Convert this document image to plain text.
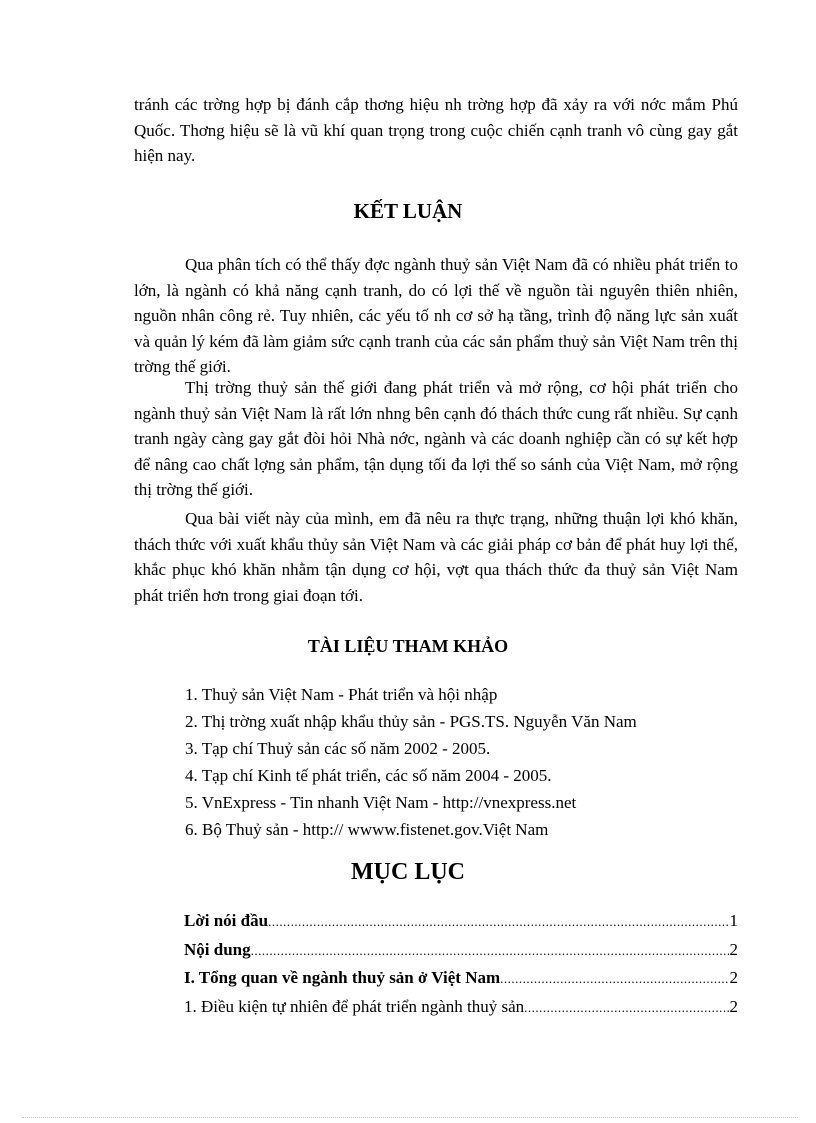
tránh các trờng hợp bị đánh cắp thơng hiệu nh trờng hợp đã xảy ra với nớc mắm Phú Quốc. Thơng hiệu sẽ là vũ khí quan trọng trong cuộc chiến cạnh tranh vô cùng gay gắt hiện nay.

KẾT LUẬN

Qua phân tích có thể thấy đợc ngành thuỷ sản Việt Nam đã có nhiều phát triển to lớn, là ngành có khả năng cạnh tranh, do có lợi thế về nguồn tài nguyên thiên nhiên, nguồn nhân công rẻ. Tuy nhiên, các yếu tố nh cơ sở hạ tầng, trình độ năng lực sản xuất và quản lý kém đã làm giảm sức cạnh tranh của các sản phẩm thuỷ sản Việt Nam trên thị trờng thế giới.

Thị trờng thuỷ sản thế giới đang phát triển và mở rộng, cơ hội phát triển cho ngành thuỷ sản Việt Nam là rất lớn nhng bên cạnh đó thách thức cung rất nhiều. Sự cạnh tranh ngày càng gay gắt đòi hỏi Nhà nớc, ngành và các doanh nghiệp cần có sự kết hợp để nâng cao chất lợng sản phẩm, tận dụng tối đa lợi thế so sánh của Việt Nam, mở rộng thị trờng thế giới.

Qua bài viết này của mình, em đã nêu ra thực trạng, những thuận lợi khó khăn, thách thức với xuất khẩu thủy sản Việt Nam và các giải pháp cơ bản để phát huy lợi thế, khắc phục khó khăn nhằm tận dụng cơ hội, vợt qua thách thức đa thuỷ sản Việt Nam phát triển hơn trong giai đoạn tới.

TÀI LIỆU THAM KHẢO
1. Thuỷ sản Việt Nam - Phát triển và hội nhập
2. Thị trờng xuất nhập khẩu thủy sản - PGS.TS. Nguyễn Văn Nam
3. Tạp chí Thuỷ sản các số năm 2002 - 2005.
4. Tạp chí Kinh tế phát triển, các số năm 2004 - 2005.
5. VnExpress - Tin nhanh Việt Nam - http://vnexpress.net
6. Bộ Thuỷ sản - http:// wwww.fistenet.gov.Việt Nam
MỤC LỤC
Lời nói đầu .....	1
Nội dung .....	2
I. Tổng quan về ngành thuỷ sản ở Việt Nam .....	2
1. Điều kiện tự nhiên để phát triển ngành thuỷ sản .....	2
